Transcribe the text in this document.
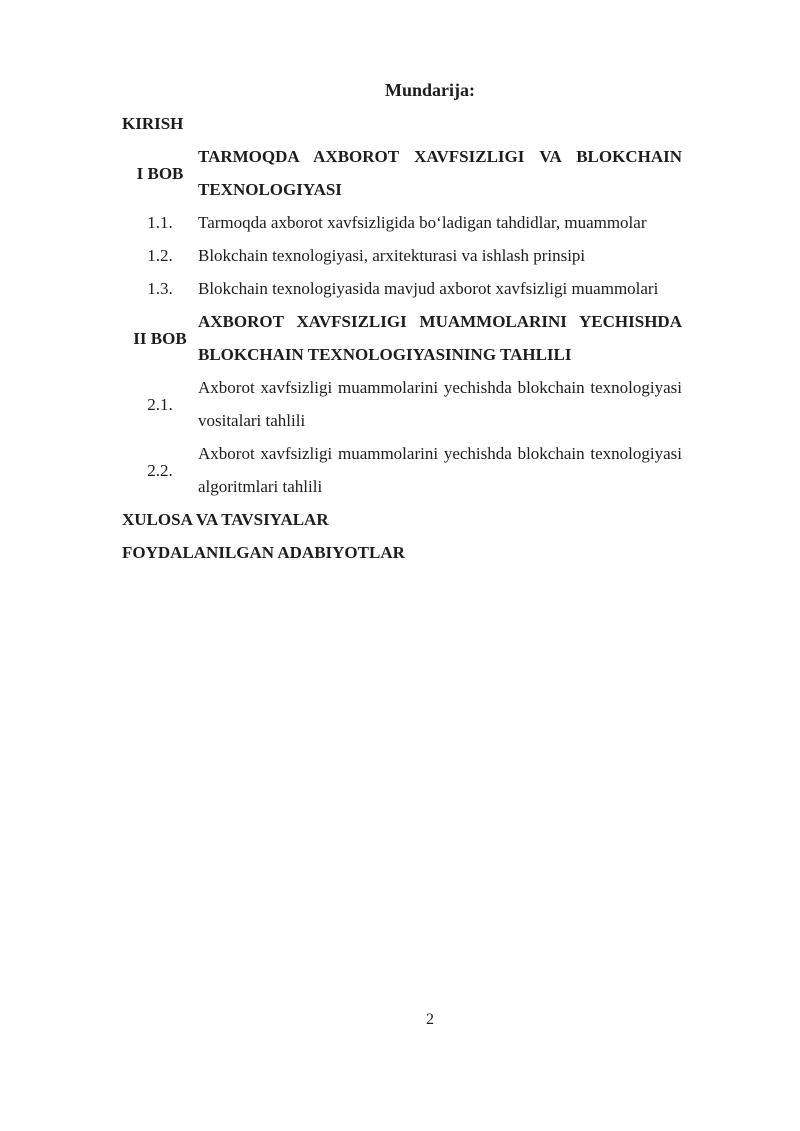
Mundarija:
KIRISH	
I BOB	TARMOQDA AXBOROT XAVFSIZLIGI VA BLOKCHAIN TEXNOLOGIYASI
1.1.	Tarmoqda axborot xavfsizligida boʻladigan tahdidlar, muammolar
1.2.	Blokchain texnologiyasi, arxitekturasi va ishlash prinsipi
1.3.	Blokchain texnologiyasida mavjud axborot xavfsizligi muammolari
II BOB	AXBOROT XAVFSIZLIGI MUAMMOLARINI YECHISHDA BLOKCHAIN TEXNOLOGIYASINING TAHLILI
2.1.	Axborot xavfsizligi muammolarini yechishda blokchain texnologiyasi vositalari tahlili
2.2.	Axborot xavfsizligi muammolarini yechishda blokchain texnologiyasi algoritmlari tahlili
XULOSA VA TAVSIYALAR	
FOYDALANILGAN ADABIYOTLAR	
2
